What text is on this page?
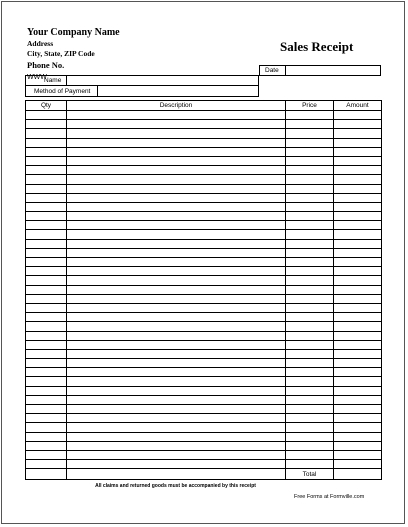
Your Company Name
Address
City, State, ZIP Code
Phone No.
WWW
Sales Receipt
Date
Name
Method of Payment
Qty	Description	Price	Amount

		Total	
All claims and returned goods must be accompanied by this receipt
Free Forms at Formville.com
